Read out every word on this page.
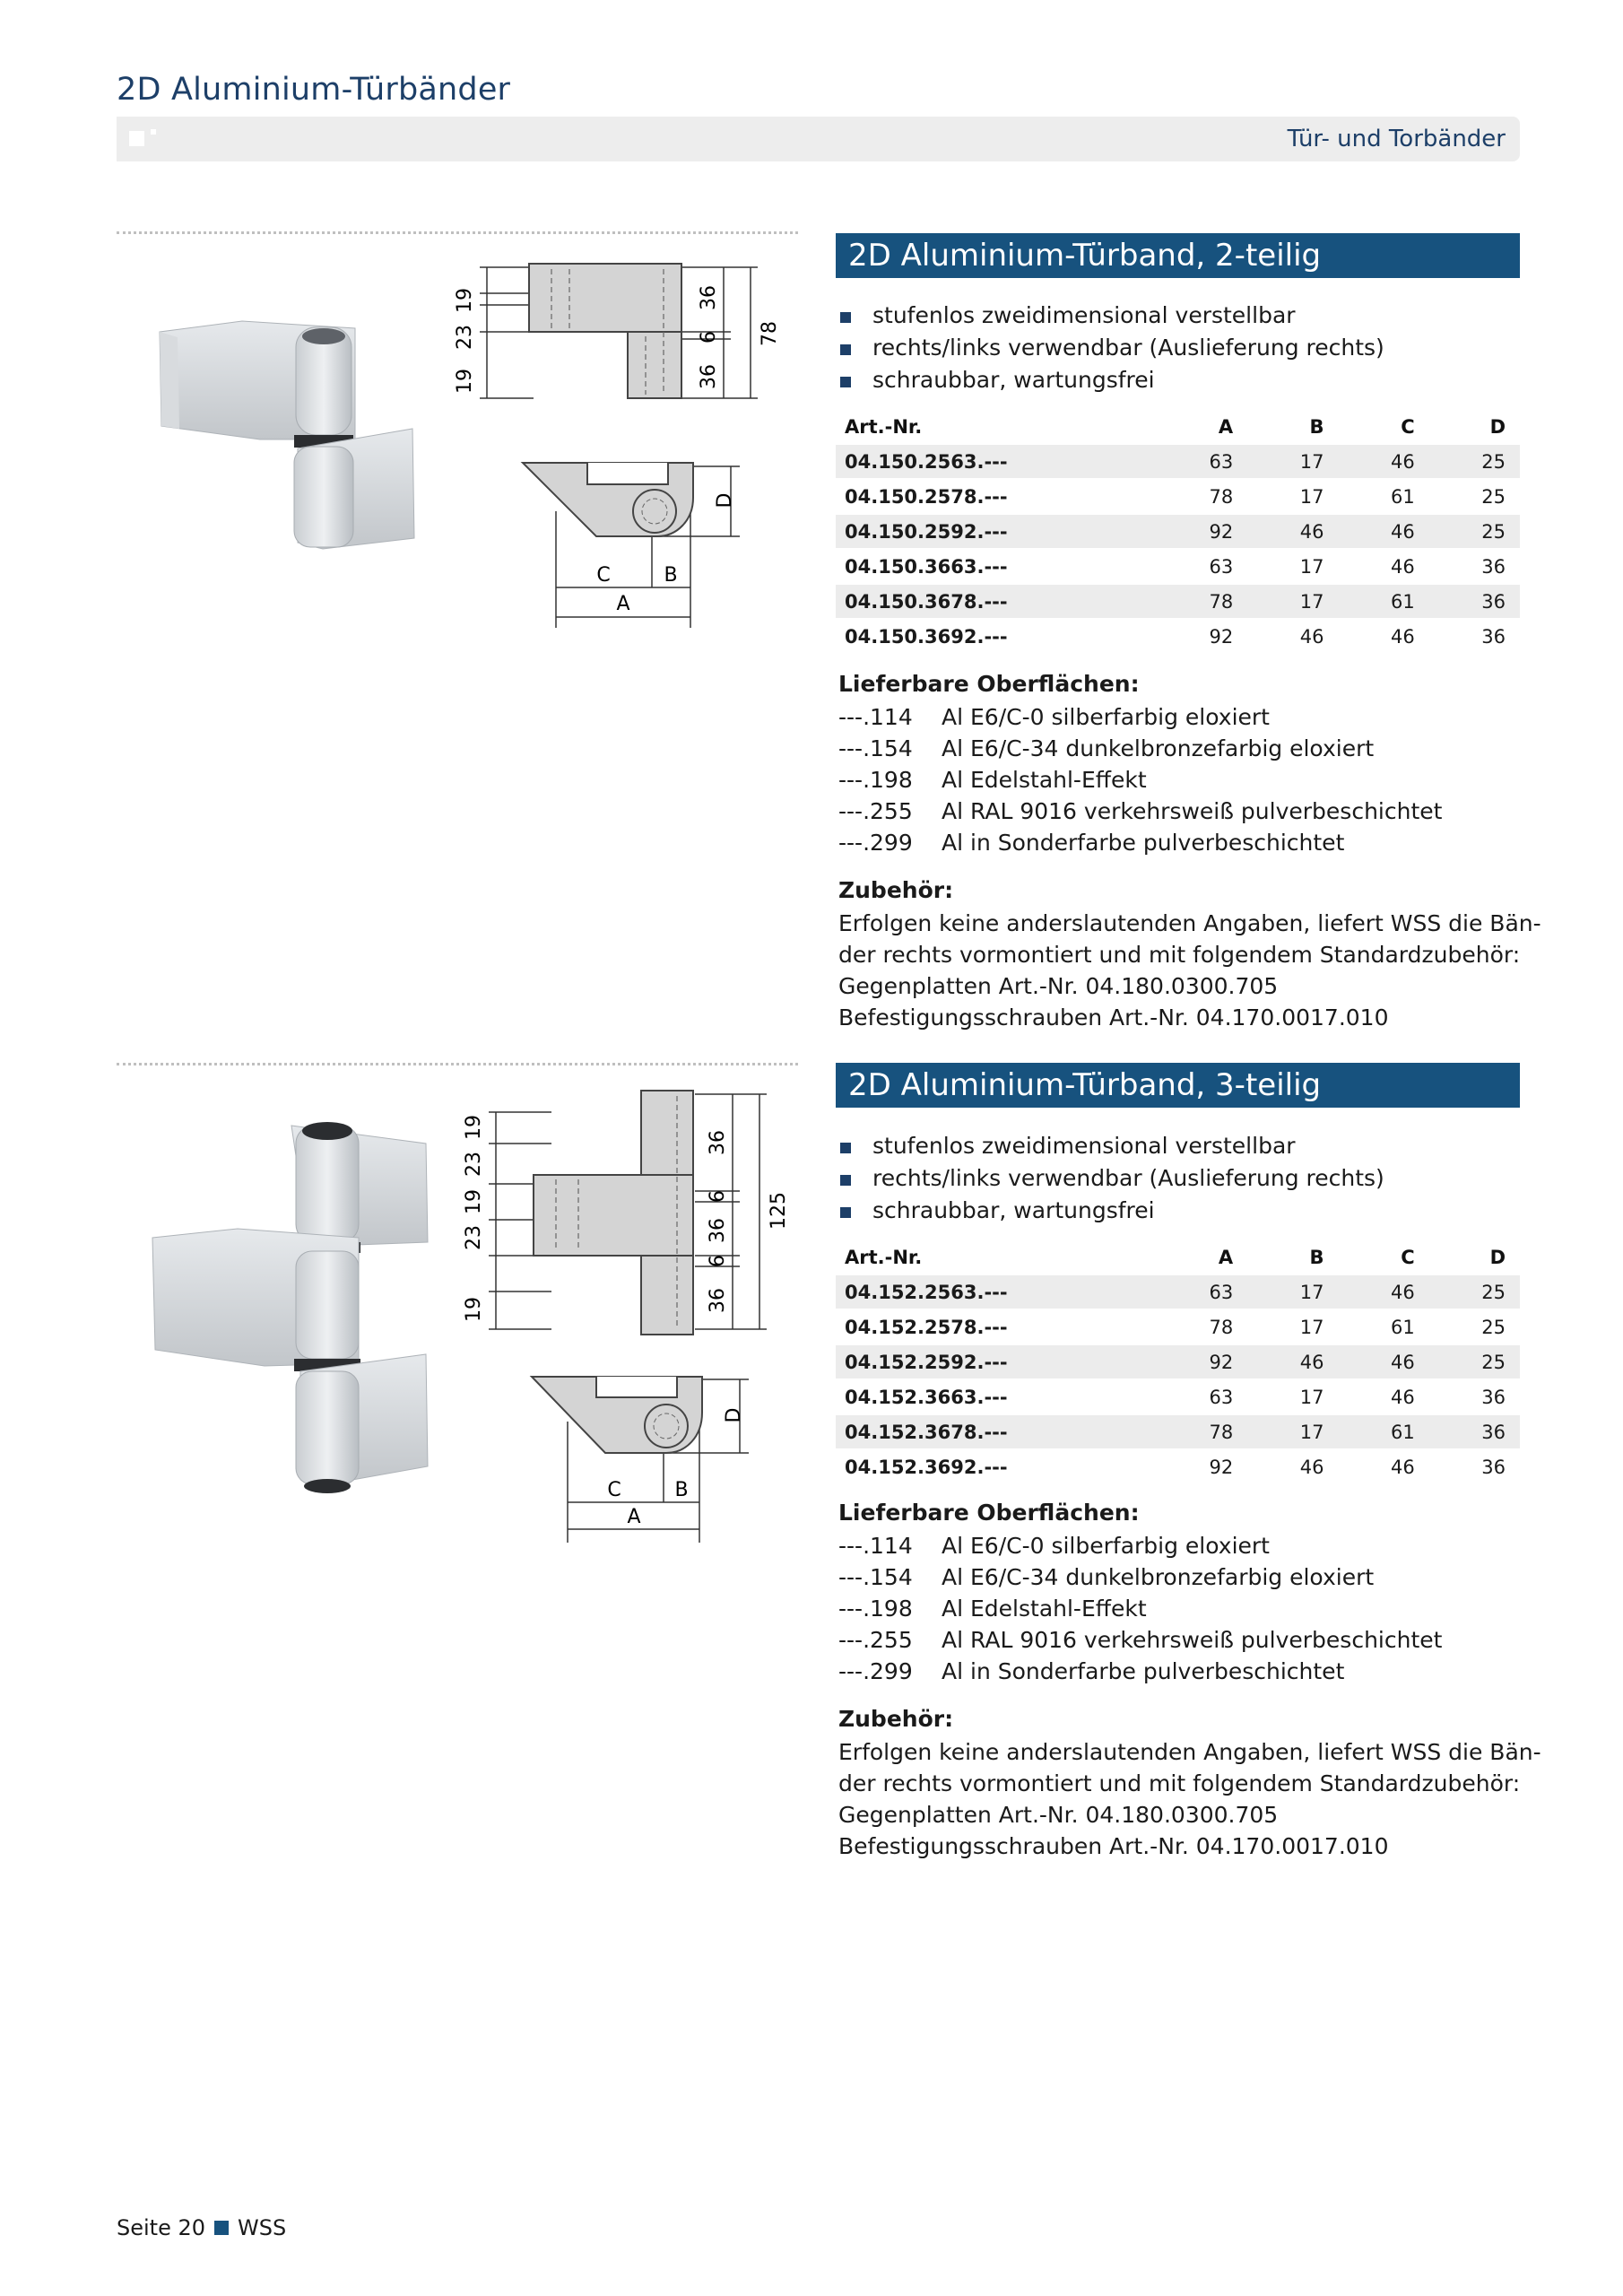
2D Aluminium-Türbänder
Tür- und Torbänder
19
23
19
36
6
36
78
D
C	B
A
2D Aluminium-Türband, 2-teilig
stufenlos zweidimensional verstellbar
rechts/links verwendbar (Auslieferung rechts)
schraubbar, wartungsfrei
Art.-Nr.	A	B	C	D
04.150.2563.---	63	17	46	25
04.150.2578.---	78	17	61	25
04.150.2592.---	92	46	46	25
04.150.3663.---	63	17	46	36
04.150.3678.---	78	17	61	36
04.150.3692.---	92	46	46	36
Lieferbare Oberflächen:
---.114 Al E6/C-0 silberfarbig eloxiert
---.154 Al E6/C-34 dunkelbronzefarbig eloxiert
---.198 Al Edelstahl-Effekt
---.255 Al RAL 9016 verkehrsweiß pulverbeschichtet
---.299 Al in Sonderfarbe pulverbeschichtet
Zubehör:
Erfolgen keine anderslautenden Angaben, liefert WSS die Bän-
der rechts vormontiert und mit folgendem Standardzubehör:
Gegenplatten Art.-Nr. 04.180.0300.705
Befestigungsschrauben Art.-Nr. 04.170.0017.010
19
23
19
23
19
36
6
36
6
36
125
D
C	B
A
2D Aluminium-Türband, 3-teilig
stufenlos zweidimensional verstellbar
rechts/links verwendbar (Auslieferung rechts)
schraubbar, wartungsfrei
Art.-Nr.	A	B	C	D
04.152.2563.---	63	17	46	25
04.152.2578.---	78	17	61	25
04.152.2592.---	92	46	46	25
04.152.3663.---	63	17	46	36
04.152.3678.---	78	17	61	36
04.152.3692.---	92	46	46	36
Lieferbare Oberflächen:
---.114 Al E6/C-0 silberfarbig eloxiert
---.154 Al E6/C-34 dunkelbronzefarbig eloxiert
---.198 Al Edelstahl-Effekt
---.255 Al RAL 9016 verkehrsweiß pulverbeschichtet
---.299 Al in Sonderfarbe pulverbeschichtet
Zubehör:
Erfolgen keine anderslautenden Angaben, liefert WSS die Bän-
der rechts vormontiert und mit folgendem Standardzubehör:
Gegenplatten Art.-Nr. 04.180.0300.705
Befestigungsschrauben Art.-Nr. 04.170.0017.010
Seite 20 WSS
